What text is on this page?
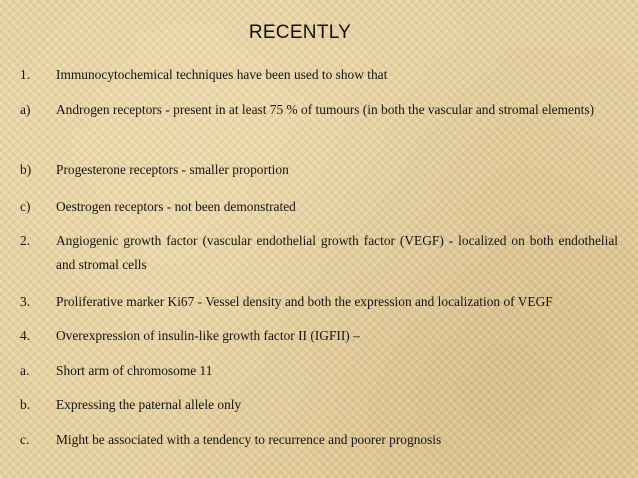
RECENTLY
1. Immunocytochemical techniques have been used to show that
a) Androgen receptors - present in at least 75 % of tumours (in both the vascular and stromal elements)
b) Progesterone receptors - smaller proportion
c) Oestrogen receptors - not been demonstrated
2. Angiogenic growth factor (vascular endothelial growth factor (VEGF) - localized on both endothelial and stromal cells
3. Proliferative marker Ki67 - Vessel density and both the expression and localization of VEGF
4. Overexpression of insulin-like growth factor II (IGFII) –
a. Short arm of chromosome 11
b. Expressing the paternal allele only
c. Might be associated with a tendency to recurrence and poorer prognosis
